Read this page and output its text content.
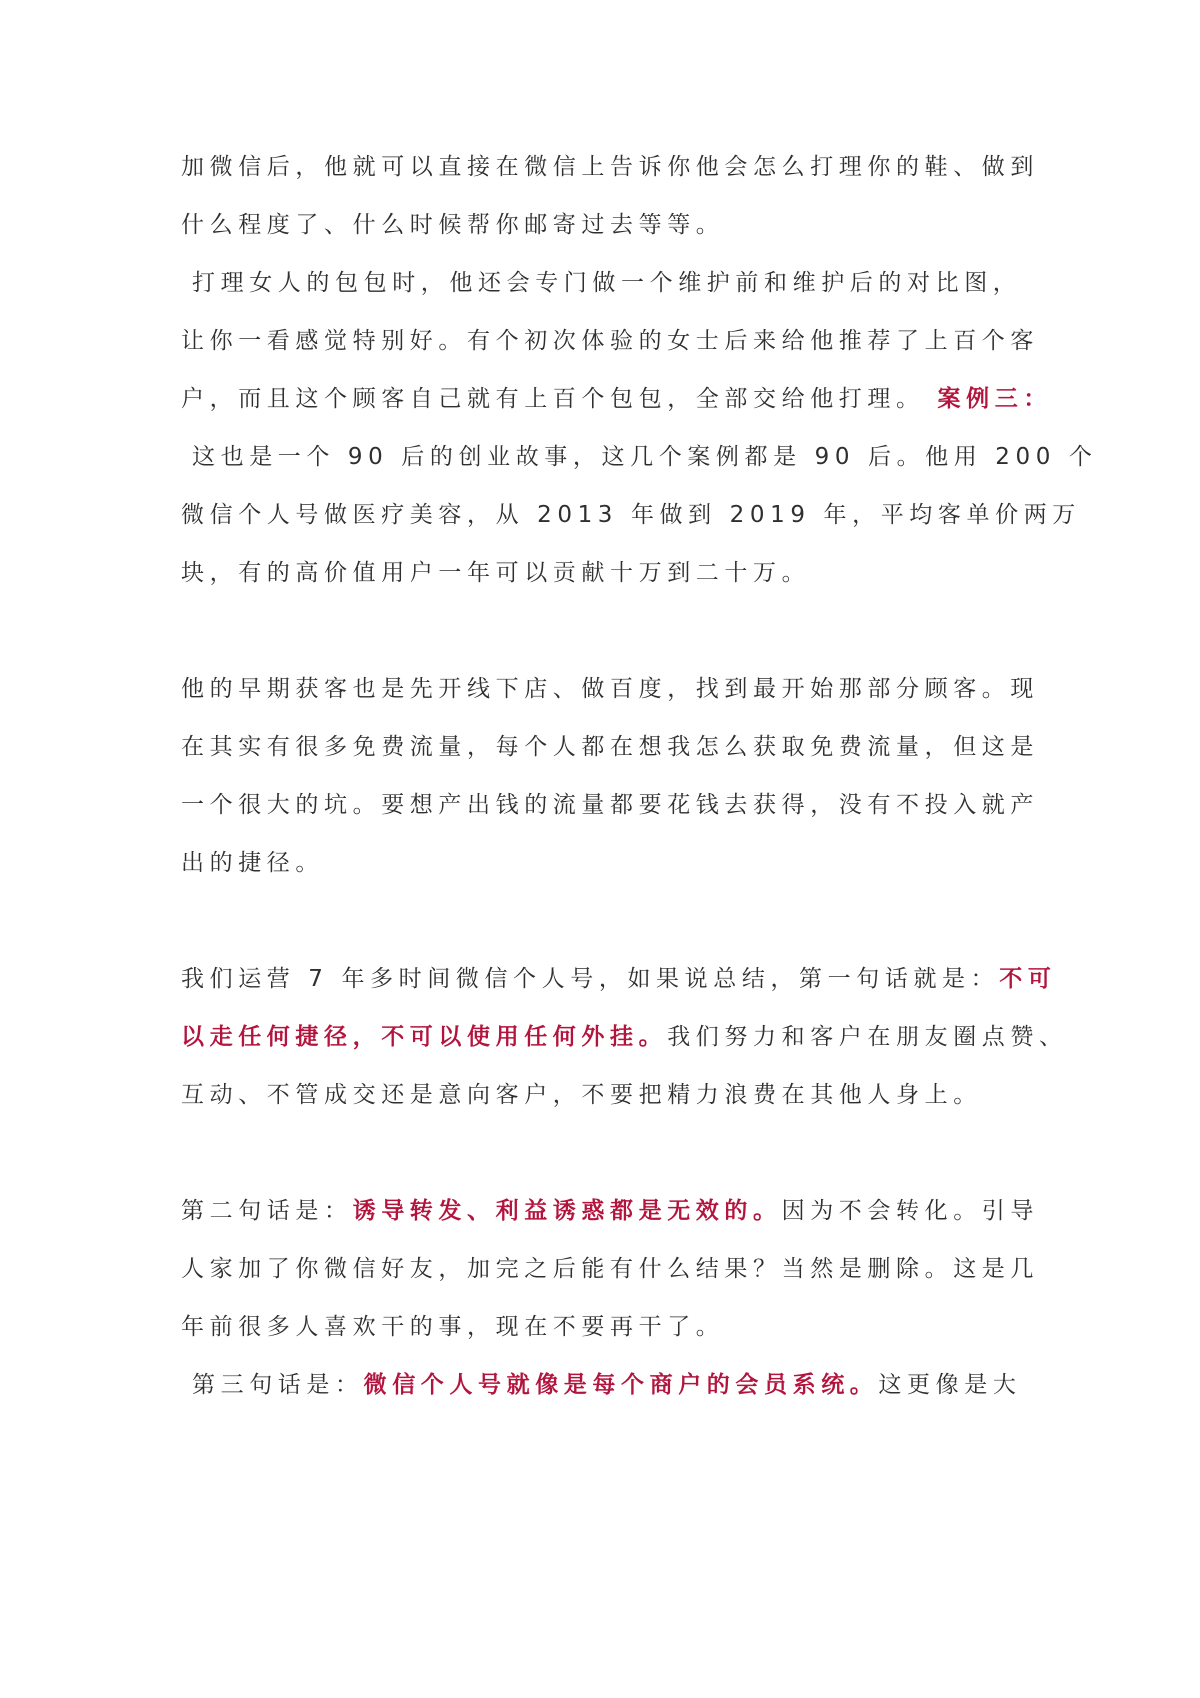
加微信后，他就可以直接在微信上告诉你他会怎么打理你的鞋、做到
什么程度了、什么时候帮你邮寄过去等等。
打理女人的包包时，他还会专门做一个维护前和维护后的对比图，
让你一看感觉特别好。有个初次体验的女士后来给他推荐了上百个客
户，而且这个顾客自己就有上百个包包，全部交给他打理。 案例三：
这也是一个 90 后的创业故事，这几个案例都是 90 后。他用 200 个
微信个人号做医疗美容，从 2013 年做到 2019 年，平均客单价两万
块，有的高价值用户一年可以贡献十万到二十万。
他的早期获客也是先开线下店、做百度，找到最开始那部分顾客。现
在其实有很多免费流量，每个人都在想我怎么获取免费流量，但这是
一个很大的坑。要想产出钱的流量都要花钱去获得，没有不投入就产
出的捷径。
我们运营 7 年多时间微信个人号，如果说总结，第一句话就是：不可
以走任何捷径，不可以使用任何外挂。我们努力和客户在朋友圈点赞、
互动、不管成交还是意向客户，不要把精力浪费在其他人身上。
第二句话是：诱导转发、利益诱惑都是无效的。因为不会转化。引导
人家加了你微信好友，加完之后能有什么结果？当然是删除。这是几
年前很多人喜欢干的事，现在不要再干了。
第三句话是：微信个人号就像是每个商户的会员系统。这更像是大
